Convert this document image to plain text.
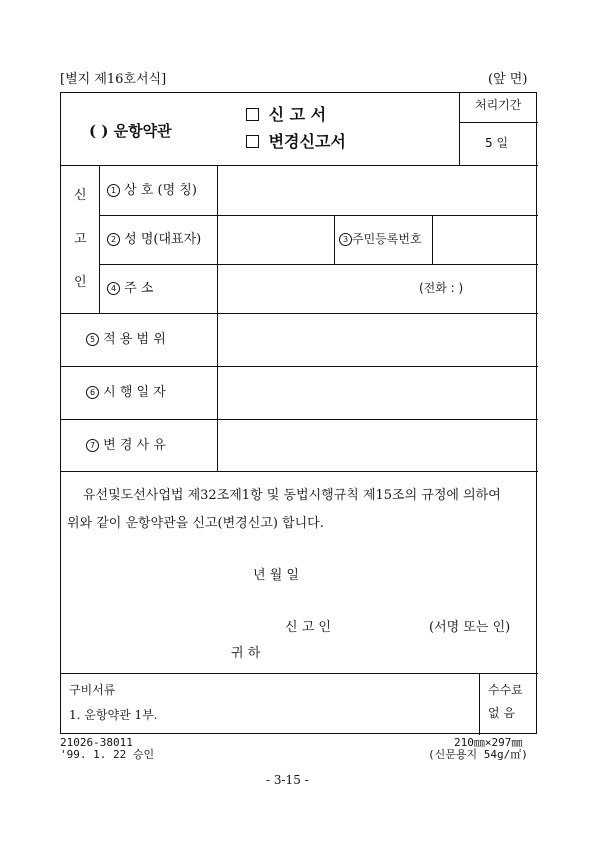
[별지 제16호서식]	(앞 면)
( ) 운항약관
신 고 서
변경신고서
처리기간
5 일
신
고
인
1 상 호 (명 칭)
2 성 명(대표자)	3 주민등록번호
4 주 소	(전화 : )
5 적 용 범 위
6 시 행 일 자
7 변 경 사 유
유선및도선사업법 제32조제1항 및 동법시행규칙 제15조의 규정에 의하여
위와 같이 운항약관을 신고(변경신고) 합니다.
년 월 일
신 고 인	(서명 또는 인)
귀 하
구비서류
1. 운항약관 1부.
수수료
없 음
21026-38011
'99. 1. 22 승인
210㎜×297㎜
(신문용지 54g/㎡)
- 3-15 -
